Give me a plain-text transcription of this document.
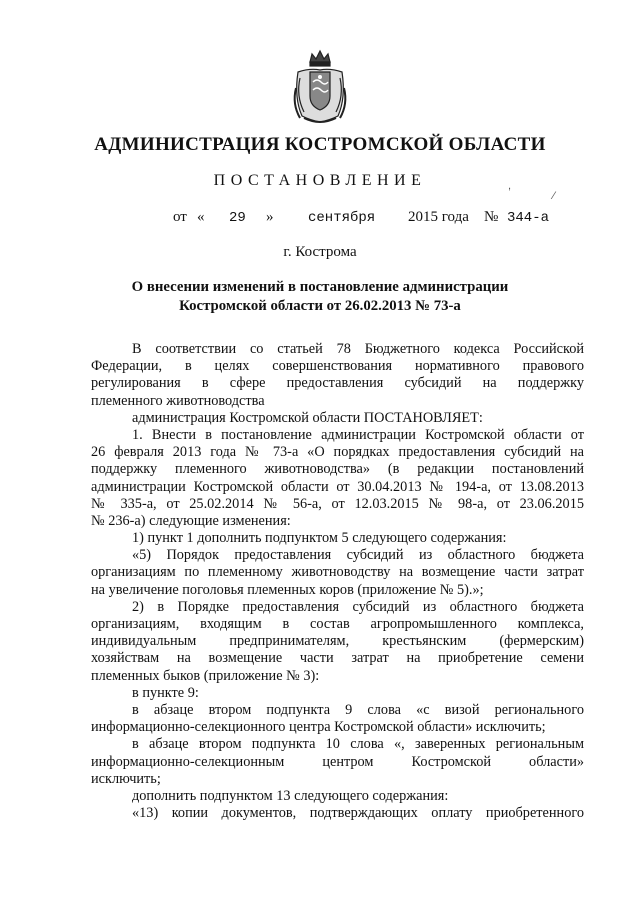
АДМИНИСТРАЦИЯ КОСТРОМСКОЙ ОБЛАСТИ
ПОСТАНОВЛЕНИЕ
от « 29 » сентября 2015 года № 344-а
,
⁄
г. Кострома
О внесении изменений в постановление администрации
Костромской области от 26.02.2013 № 73-а
В соответствии со статьей 78 Бюджетного кодекса Российской
Федерации, в целях совершенствования нормативного правового
регулирования в сфере предоставления субсидий на поддержку
племенного животноводства
администрация Костромской области ПОСТАНОВЛЯЕТ:
1. Внести в постановление администрации Костромской области от
26 февраля 2013 года № 73-а «О порядках предоставления субсидий на
поддержку племенного животноводства» (в редакции постановлений
администрации Костромской области от 30.04.2013 № 194-а, от 13.08.2013
№ 335-а, от 25.02.2014 № 56-а, от 12.03.2015 № 98-а, от 23.06.2015
№ 236-а) следующие изменения:
1) пункт 1 дополнить подпунктом 5 следующего содержания:
«5) Порядок предоставления субсидий из областного бюджета
организациям по племенному животноводству на возмещение части затрат
на увеличение поголовья племенных коров (приложение № 5).»;
2) в Порядке предоставления субсидий из областного бюджета
организациям, входящим в состав агропромышленного комплекса,
индивидуальным предпринимателям, крестьянским (фермерским)
хозяйствам на возмещение части затрат на приобретение семени
племенных быков (приложение № 3):
в пункте 9:
в абзаце втором подпункта 9 слова «с визой регионального
информационно-селекционного центра Костромской области» исключить;
в абзаце втором подпункта 10 слова «, заверенных региональным
информационно-селекционным центром Костромской области»
исключить;
дополнить подпунктом 13 следующего содержания:
«13) копии документов, подтверждающих оплату приобретенного
